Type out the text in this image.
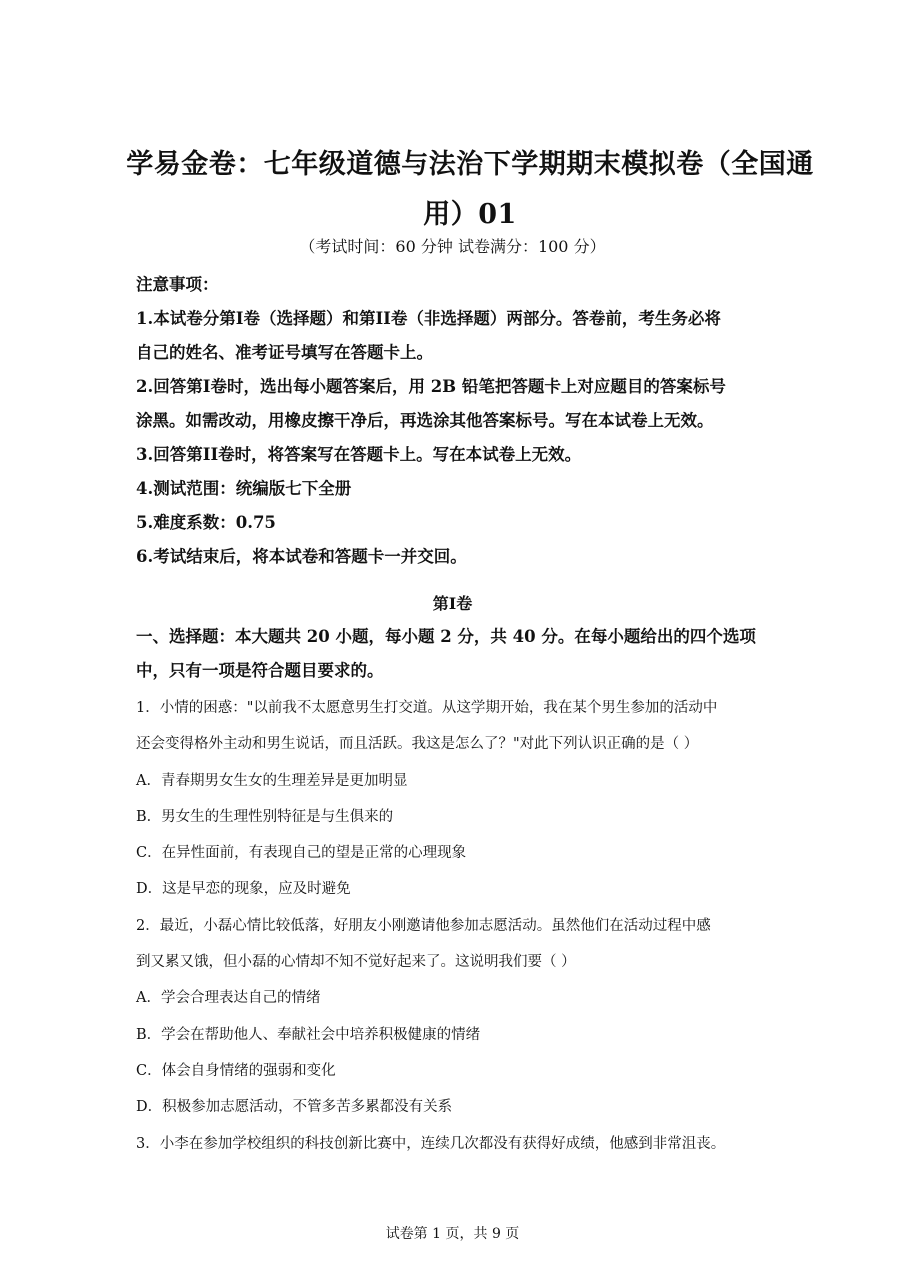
学易金卷：七年级道德与法治下学期期末模拟卷（全国通用）01
（考试时间：60 分钟 试卷满分：100 分）
注意事项：
1.本试卷分第I卷（选择题）和第II卷（非选择题）两部分。答卷前，考生务必将
自己的姓名、准考证号填写在答题卡上。
2.回答第I卷时，选出每小题答案后，用 2B 铅笔把答题卡上对应题目的答案标号
涂黑。如需改动，用橡皮擦干净后，再选涂其他答案标号。写在本试卷上无效。
3.回答第II卷时，将答案写在答题卡上。写在本试卷上无效。
4.测试范围：统编版七下全册
5.难度系数：0.75
6.考试结束后，将本试卷和答题卡一并交回。
第I卷
一、选择题：本大题共 20 小题，每小题 2 分，共 40 分。在每小题给出的四个选项中，只有一项是符合题目要求的。
1．小情的困惑："以前我不太愿意男生打交道。从这学期开始，我在某个男生参加的活动中
还会变得格外主动和男生说话，而且活跃。我这是怎么了？"对此下列认识正确的是（ ）
A．青春期男女生女的生理差异是更加明显
B．男女生的生理性别特征是与生俱来的
C．在异性面前，有表现自己的望是正常的心理现象
D．这是早恋的现象，应及时避免
2．最近，小磊心情比较低落，好朋友小刚邀请他参加志愿活动。虽然他们在活动过程中感
到又累又饿，但小磊的心情却不知不觉好起来了。这说明我们要（ ）
A．学会合理表达自己的情绪
B．学会在帮助他人、奉献社会中培养积极健康的情绪
C．体会自身情绪的强弱和变化
D．积极参加志愿活动，不管多苦多累都没有关系
3．小李在参加学校组织的科技创新比赛中，连续几次都没有获得好成绩，他感到非常沮丧。
试卷第 1 页，共 9 页
